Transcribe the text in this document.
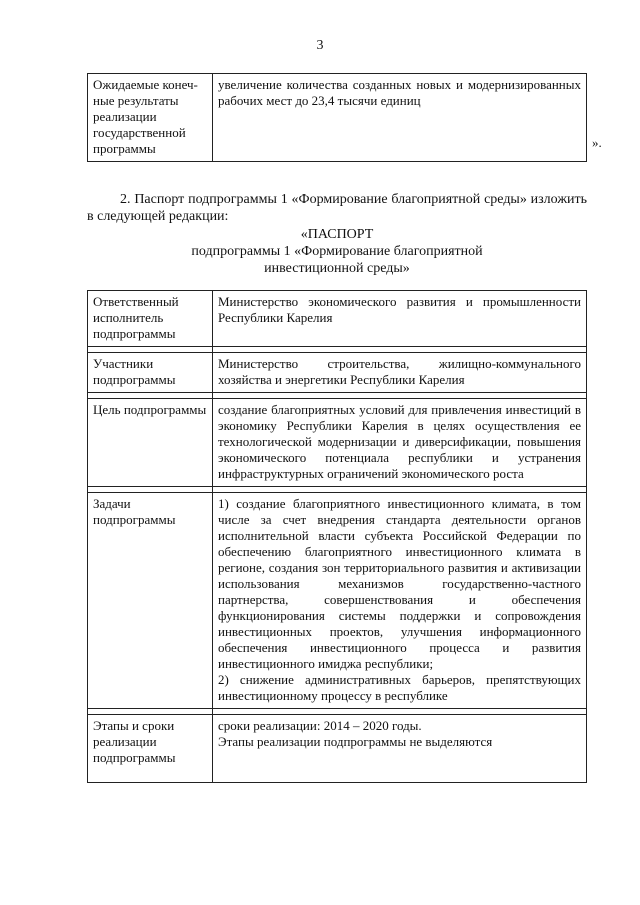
3
Ожидаемые конеч-ные результаты реализации государственной программы	увеличение количества созданных новых и модернизированных рабочих мест до 23,4 тысячи единиц
».

2. Паспорт подпрограммы 1 «Формирование благоприятной среды» изложить в следующей редакции:

«ПАСПОРТ
подпрограммы 1 «Формирование благоприятной
инвестиционной среды»
Ответственный исполнитель подпрограммы	Министерство экономического развития и промышленности Республики Карелия

Участники подпрограммы	Министерство строительства, жилищно-коммунального хозяйства и энергетики Республики Карелия

Цель подпрограммы	создание благоприятных условий для привлечения инвестиций в экономику Республики Карелия в целях осуществления ее технологической модернизации и диверсификации, повышения экономического потенциала республики и устранения инфраструктурных ограничений экономического роста

Задачи подпрограммы	1) создание благоприятного инвестиционного климата, в том числе за счет внедрения стандарта деятельности органов исполнительной власти субъекта Российской Федерации по обеспечению благоприятного инвестиционного климата в регионе, создания зон территориального развития и активизации использования механизмов государственно-частного партнерства, совершенствования и обеспечения функционирования системы поддержки и сопровождения инвестиционных проектов, улучшения информационного обеспечения инвестиционного процесса и развития инвестиционного имиджа республики;
2) снижение административных барьеров, препятствующих инвестиционному процессу в республике

Этапы и сроки реализации подпрограммы	сроки реализации: 2014 – 2020 годы.
Этапы реализации подпрограммы не выделяются
